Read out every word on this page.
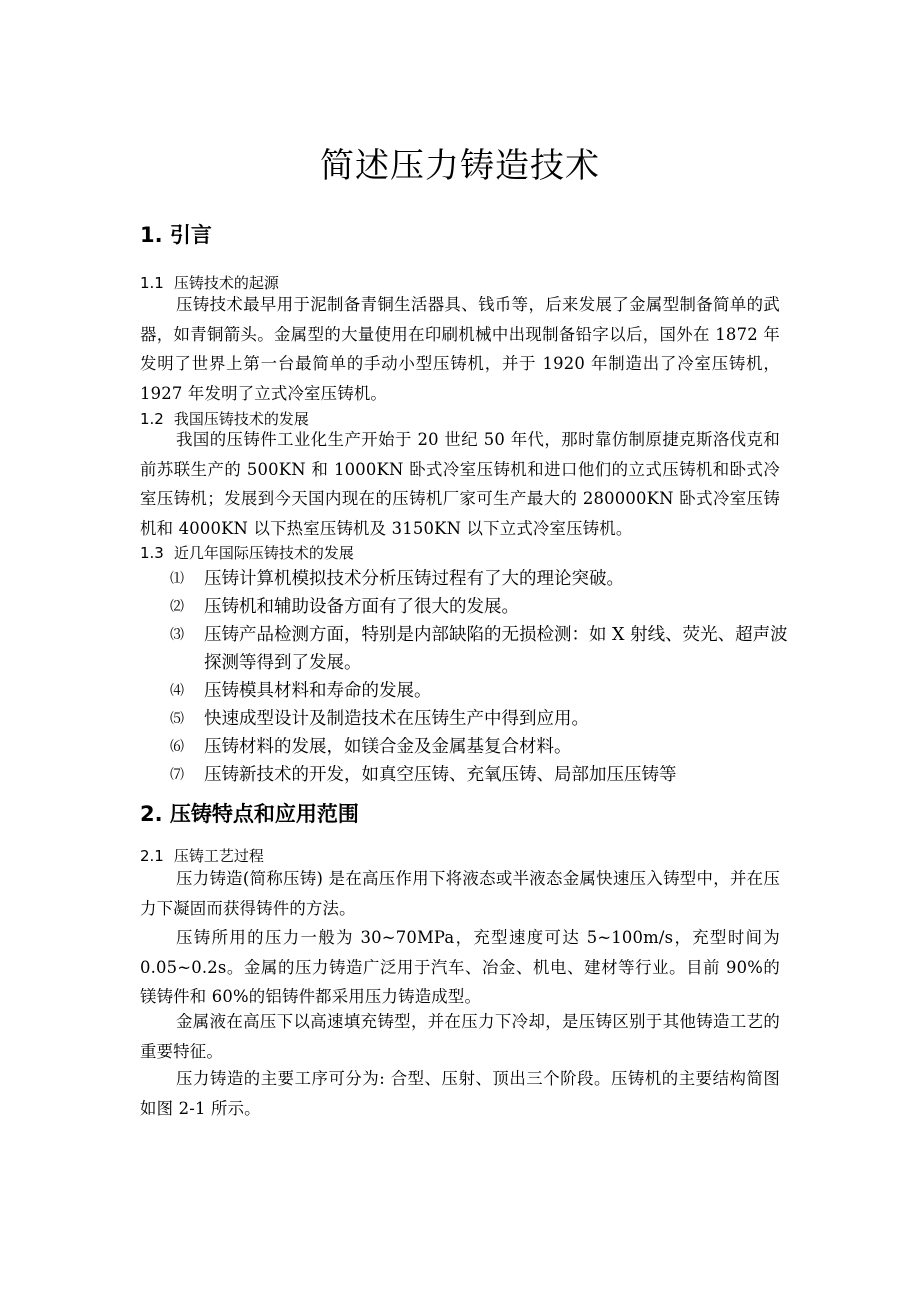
简述压力铸造技术
1. 引言
1.1 压铸技术的起源
压铸技术最早用于泥制备青铜生活器具、钱币等，后来发展了金属型制备简单的武器，如青铜箭头。金属型的大量使用在印刷机械中出现制备铅字以后，国外在 1872 年发明了世界上第一台最简单的手动小型压铸机，并于 1920 年制造出了冷室压铸机，1927 年发明了立式冷室压铸机。
1.2 我国压铸技术的发展
我国的压铸件工业化生产开始于 20 世纪 50 年代，那时靠仿制原捷克斯洛伐克和前苏联生产的 500KN 和 1000KN 卧式冷室压铸机和进口他们的立式压铸机和卧式冷室压铸机；发展到今天国内现在的压铸机厂家可生产最大的 280000KN 卧式冷室压铸机和 4000KN 以下热室压铸机及 3150KN 以下立式冷室压铸机。
1.3 近几年国际压铸技术的发展
⑴ 压铸计算机模拟技术分析压铸过程有了大的理论突破。
⑵ 压铸机和辅助设备方面有了很大的发展。
⑶ 压铸产品检测方面，特别是内部缺陷的无损检测：如 X 射线、荧光、超声波探测等得到了发展。
⑷ 压铸模具材料和寿命的发展。
⑸ 快速成型设计及制造技术在压铸生产中得到应用。
⑹ 压铸材料的发展，如镁合金及金属基复合材料。
⑺ 压铸新技术的开发，如真空压铸、充氧压铸、局部加压压铸等
2. 压铸特点和应用范围
2.1 压铸工艺过程
压力铸造(简称压铸) 是在高压作用下将液态或半液态金属快速压入铸型中，并在压力下凝固而获得铸件的方法。
压铸所用的压力一般为 30~70MPa，充型速度可达 5~100m/s，充型时间为 0.05~0.2s。金属的压力铸造广泛用于汽车、冶金、机电、建材等行业。目前 90%的镁铸件和 60%的铝铸件都采用压力铸造成型。
金属液在高压下以高速填充铸型，并在压力下冷却，是压铸区别于其他铸造工艺的重要特征。
压力铸造的主要工序可分为: 合型、压射、顶出三个阶段。压铸机的主要结构简图如图 2-1 所示。
